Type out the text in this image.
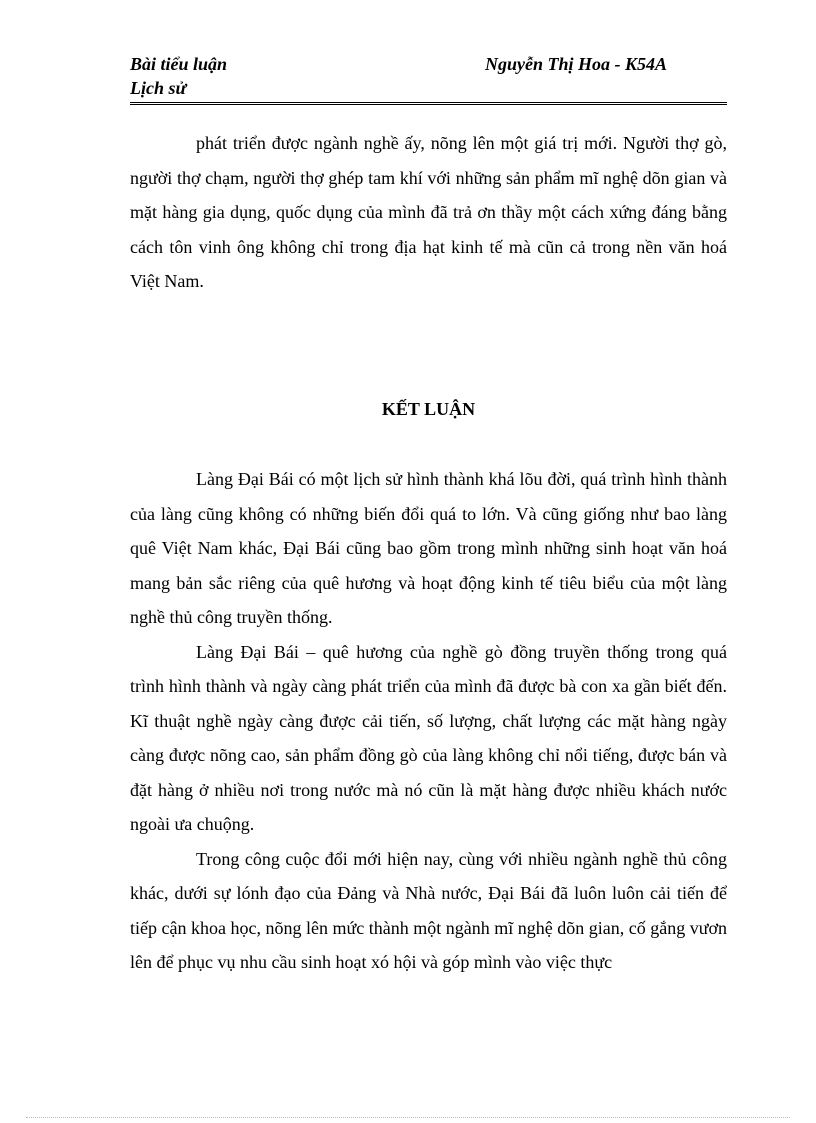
Bài tiểu luận	Nguyễn Thị Hoa - K54A
Lịch sử
phát triển được ngành nghề ấy, nõng lên một giá trị mới. Người thợ gò, người thợ chạm, người thợ ghép tam khí với những sản phẩm mĩ nghệ dõn gian và mặt hàng gia dụng, quốc dụng của mình đã trả ơn thầy một cách xứng đáng bằng cách tôn vinh ông không chỉ trong địa hạt kinh tế mà cũn cả trong nền văn hoá Việt Nam.
KẾT LUẬN

Làng Đại Bái có một lịch sử hình thành khá lõu đời, quá trình hình thành của làng cũng không có những biến đổi quá to lớn. Và cũng giống như bao làng quê Việt Nam khác, Đại Bái cũng bao gồm trong mình những sinh hoạt văn hoá mang bản sắc riêng của quê hương và hoạt động kinh tế tiêu biểu của một làng nghề thủ công truyền thống.

Làng Đại Bái – quê hương của nghề gò đồng truyền thống trong quá trình hình thành và ngày càng phát triển của mình đã được bà con xa gần biết đến. Kĩ thuật nghề ngày càng được cải tiến, số lượng, chất lượng các mặt hàng ngày càng được nõng cao, sản phẩm đồng gò của làng không chỉ nổi tiếng, được bán và đặt hàng ở nhiều nơi trong nước mà nó cũn là mặt hàng được nhiều khách nước ngoài ưa chuộng.

Trong công cuộc đổi mới hiện nay, cùng với nhiều ngành nghề thủ công khác, dưới sự lónh đạo của Đảng và Nhà nước, Đại Bái đã luôn luôn cải tiến để tiếp cận khoa học, nõng lên mức thành một ngành mĩ nghệ dõn gian, cố gắng vươn lên để phục vụ nhu cầu sinh hoạt xó hội và góp mình vào việc thực
